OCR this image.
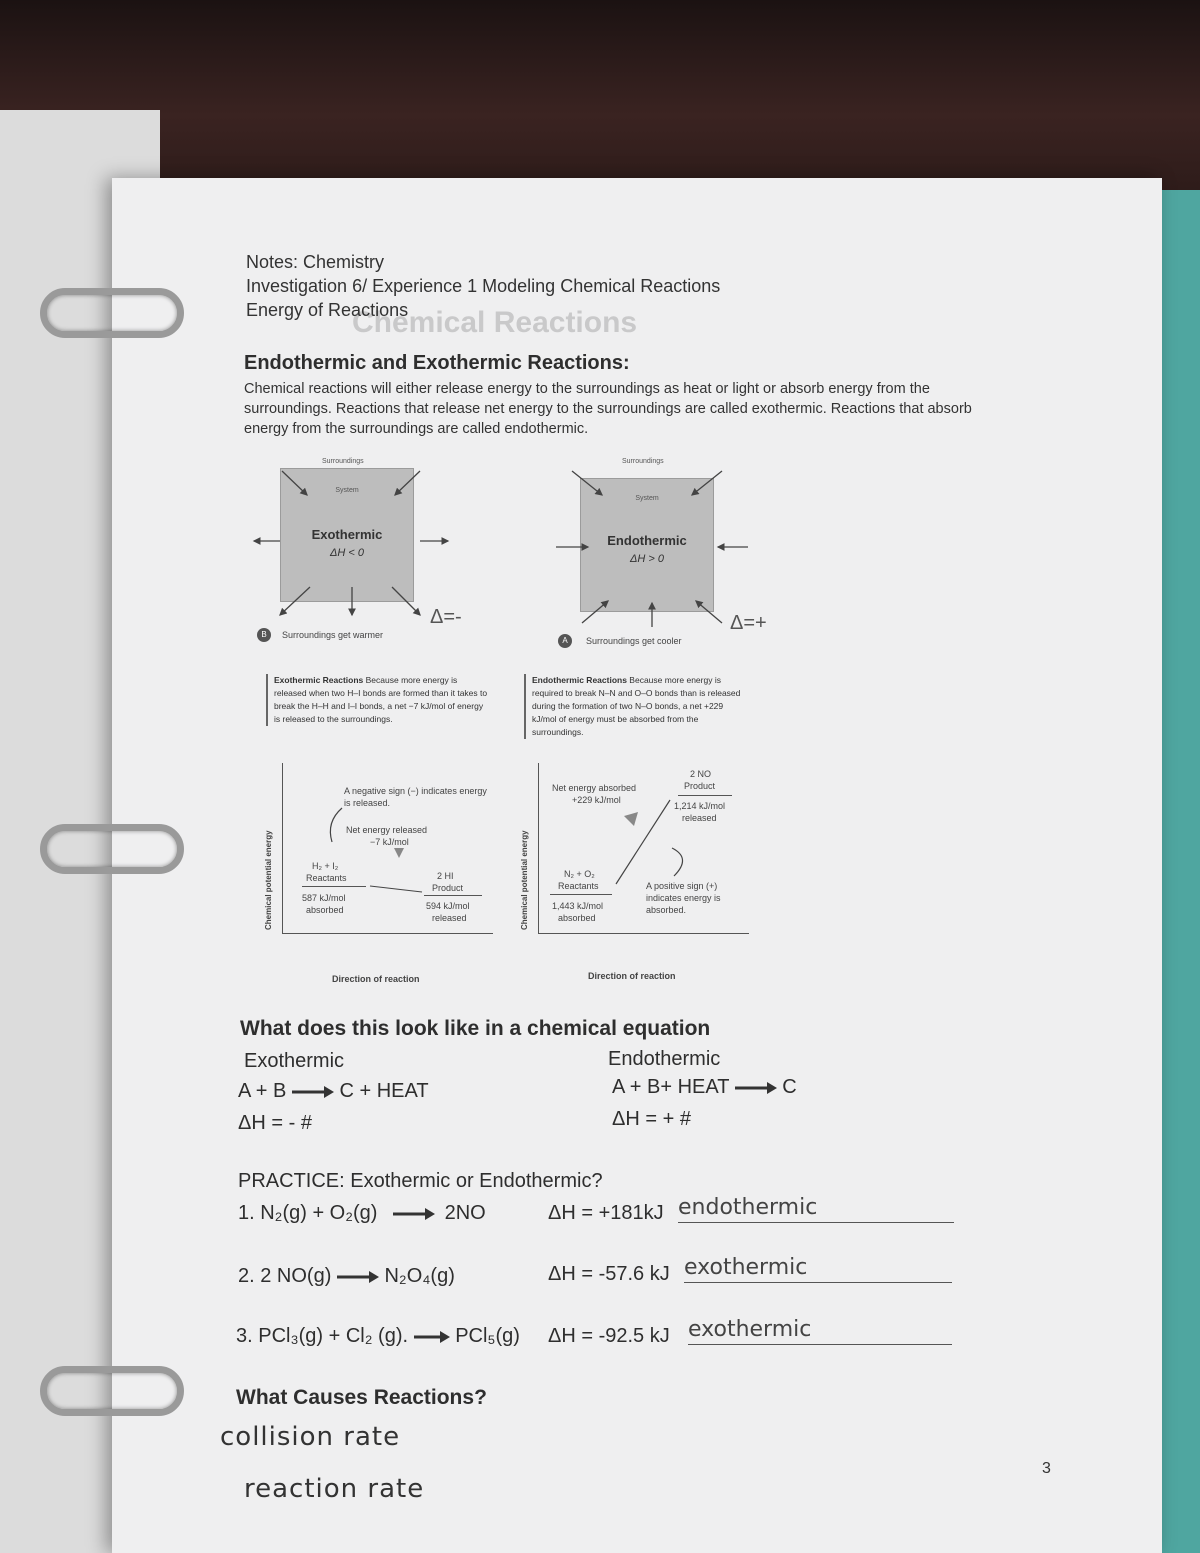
Chemical Reactions
Notes: Chemistry
Investigation 6/ Experience 1 Modeling Chemical Reactions
Energy of Reactions
Endothermic and Exothermic Reactions:
Chemical reactions will either release energy to the surroundings as heat or light or absorb energy from the surroundings. Reactions that release net energy to the surroundings are called exothermic. Reactions that absorb energy from the surroundings are called endothermic.
Surroundings
System
Exothermic
ΔH < 0
B	Surroundings get warmer
Δ=-
Surroundings
System
Endothermic
ΔH > 0
A	Surroundings get cooler
Δ=+
Exothermic Reactions Because more energy is released when two H–I bonds are formed than it takes to break the H–H and I–I bonds, a net −7 kJ/mol of energy is released to the surroundings.
Endothermic Reactions Because more energy is required to break N–N and O–O bonds than is released during the formation of two N–O bonds, a net +229 kJ/mol of energy must be absorbed from the surroundings.
Chemical potential energy
A negative sign (−) indicates energy is released.
Net energy released
−7 kJ/mol
H₂ + I₂
Reactants
587 kJ/mol
absorbed
2 HI
Product
594 kJ/mol
released
Direction of reaction
Chemical potential energy
Net energy absorbed
+229 kJ/mol
2 NO
Product
1,214 kJ/mol
released
N₂ + O₂
Reactants
1,443 kJ/mol
absorbed
A positive sign (+) indicates energy is absorbed.
Direction of reaction
What does this look like in a chemical equation
Exothermic
A + B	C + HEAT
ΔH = - #
Endothermic
A + B+ HEAT	C
ΔH = + #
PRACTICE: Exothermic or Endothermic?
1. N₂(g) + O₂(g)	2NO	ΔH = +181kJ endothermic
2. 2 NO(g)	N₂O₄(g)	ΔH = -57.6 kJ exothermic
3. PCl₃(g) + Cl₂ (g). PCl₅(g) ΔH = -92.5 kJ exothermic
What Causes Reactions?
collision rate
reaction rate
3
